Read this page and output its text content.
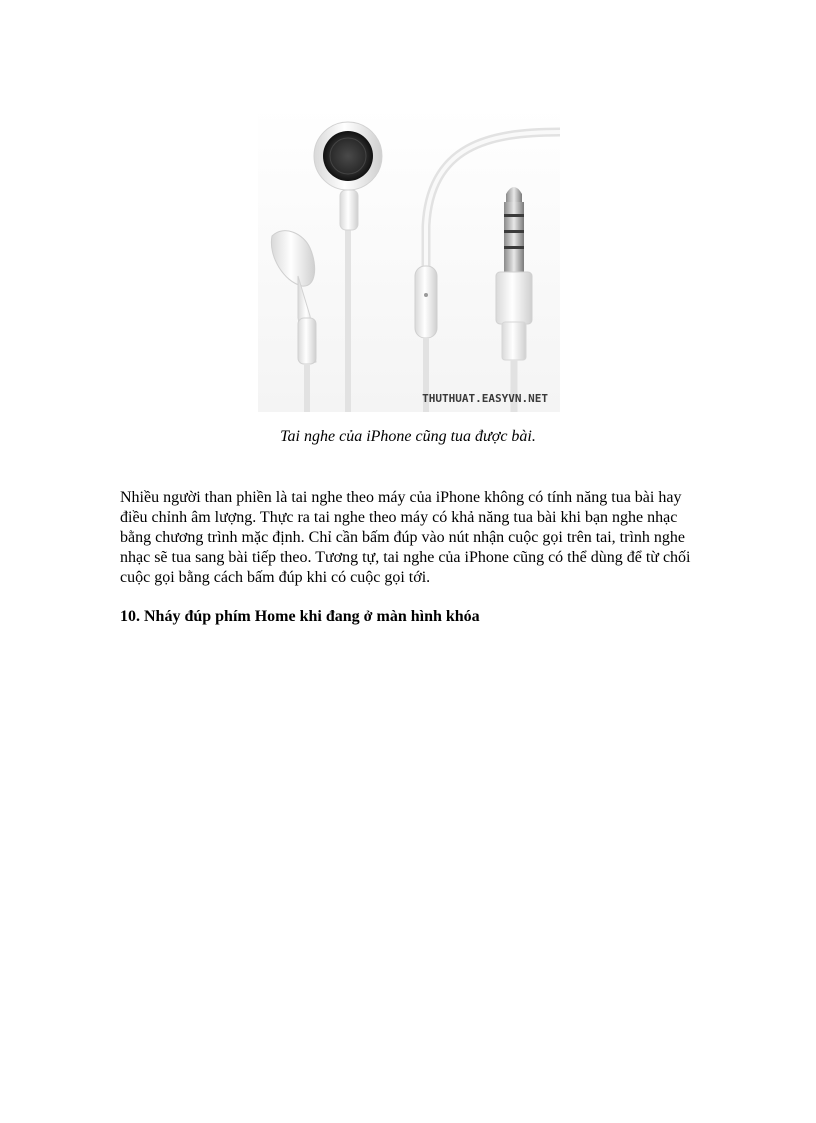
THUTHUAT.EASYVN.NET
Tai nghe của iPhone cũng tua được bài.

Nhiều người than phiền là tai nghe theo máy của iPhone không có tính năng tua bài hay
điều chỉnh âm lượng. Thực ra tai nghe theo máy có khả năng tua bài khi bạn nghe nhạc
bằng chương trình mặc định. Chỉ cần bấm đúp vào nút nhận cuộc gọi trên tai, trình nghe
nhạc sẽ tua sang bài tiếp theo. Tương tự, tai nghe của iPhone cũng có thể dùng để từ chối
cuộc gọi bằng cách bấm đúp khi có cuộc gọi tới.

10. Nháy đúp phím Home khi đang ở màn hình khóa
